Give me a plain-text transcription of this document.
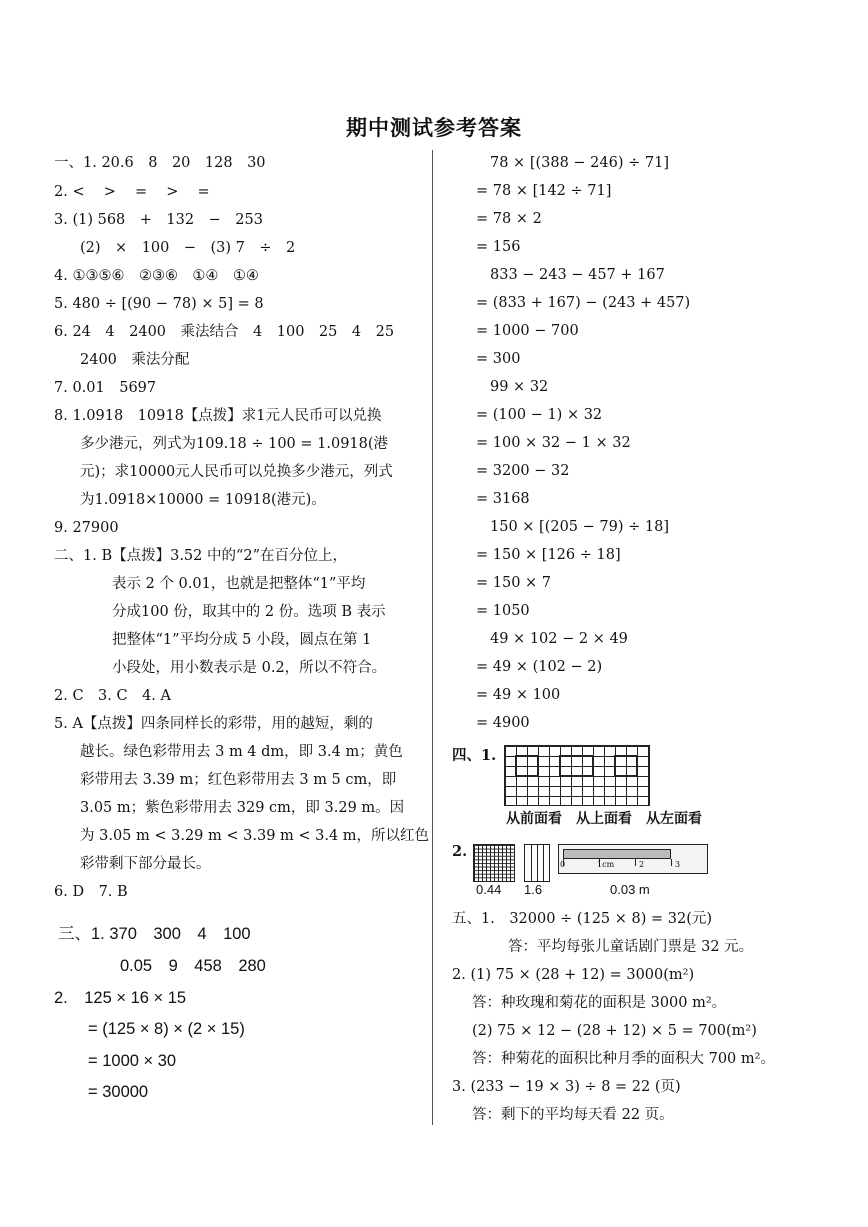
期中测试参考答案
一、1. 20.6　8　20　128　30
2. <　 >　 =　 >　 =
3. (1) 568　+　132　−　253
(2)　×　100　−　(3) 7　÷　2
4. ①③⑤⑥　②③⑥　①④　①④
5. 480 ÷ [(90 − 78) × 5] = 8
6. 24　4　2400　乘法结合　4　100　25　4　25
2400　乘法分配
7. 0.01　5697
8. 1.0918　10918【点拨】求1元人民币可以兑换
多少港元，列式为109.18 ÷ 100 = 1.0918(港
元)；求10000元人民币可以兑换多少港元，列式
为1.0918×10000 = 10918(港元)。
9. 27900
二、1. B【点拨】3.52 中的“2”在百分位上，
表示 2 个 0.01，也就是把整体“1”平均
分成100 份，取其中的 2 份。选项 B 表示
把整体“1”平均分成 5 小段，圆点在第 1
小段处，用小数表示是 0.2，所以不符合。
2. C　3. C　4. A
5. A【点拨】四条同样长的彩带，用的越短，剩的
越长。绿色彩带用去 3 m 4 dm，即 3.4 m；黄色
彩带用去 3.39 m；红色彩带用去 3 m 5 cm，即
3.05 m；紫色彩带用去 329 cm，即 3.29 m。因
为 3.05 m < 3.29 m < 3.39 m < 3.4 m，所以红色
彩带剩下部分最长。
6. D　7. B
三、1. 370　300　4　100
0.05　9　458　280
2.　125 × 16 × 15
= (125 × 8) × (2 × 15)
= 1000 × 30
= 30000
78 × [(388 − 246) ÷ 71]
= 78 × [142 ÷ 71]
= 78 × 2
= 156
833 − 243 − 457 + 167
= (833 + 167) − (243 + 457)
= 1000 − 700
= 300
99 × 32
= (100 − 1) × 32
= 100 × 32 − 1 × 32
= 3200 − 32
= 3168
150 × [(205 − 79) ÷ 18]
= 150 × [126 ÷ 18]
= 150 × 7
= 1050
49 × 102 − 2 × 49
= 49 × (102 − 2)
= 49 × 100
= 4900
四、1.
从前面看　从上面看　从左面看
2.
0	1cm	2	3
0.44 1.6	0.03 m
五、1.　32000 ÷ (125 × 8) = 32(元)
答：平均每张儿童话剧门票是 32 元。
2. (1) 75 × (28 + 12) = 3000(m²)
答：种玫瑰和菊花的面积是 3000 m²。
(2) 75 × 12 − (28 + 12) × 5 = 700(m²)
答：种菊花的面积比种月季的面积大 700 m²。
3. (233 − 19 × 3) ÷ 8 = 22 (页)
答：剩下的平均每天看 22 页。
